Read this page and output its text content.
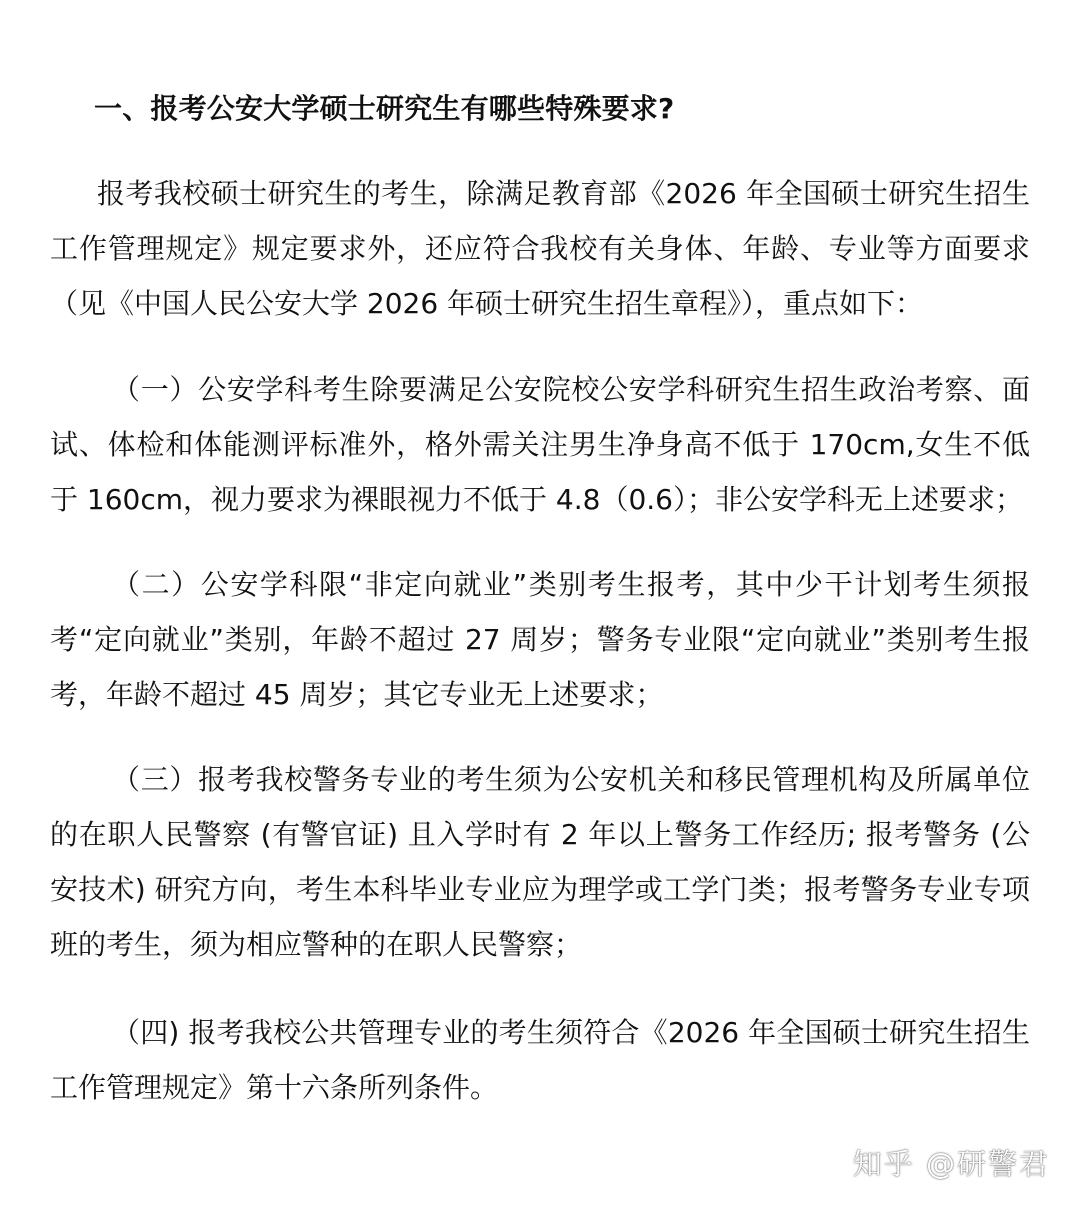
一、报考公安大学硕士研究生有哪些特殊要求?

报考我校硕士研究生的考生，除满足教育部《2026 年全国硕士研究生招生工作管理规定》规定要求外，还应符合我校有关身体、年龄、专业等方面要求（见《中国人民公安大学 2026 年硕士研究生招生章程》），重点如下：

（一）公安学科考生除要满足公安院校公安学科研究生招生政治考察、面试、体检和体能测评标准外，格外需关注男生净身高不低于 170cm,女生不低于 160cm，视力要求为裸眼视力不低于 4.8（0.6）；非公安学科无上述要求；

（二）公安学科限“非定向就业”类别考生报考，其中少干计划考生须报考“定向就业”类别，年龄不超过 27 周岁；警务专业限“定向就业”类别考生报考，年龄不超过 45 周岁；其它专业无上述要求；

（三）报考我校警务专业的考生须为公安机关和移民管理机构及所属单位的在职人民警察 (有警官证) 且入学时有 2 年以上警务工作经历; 报考警务 (公安技术) 研究方向，考生本科毕业专业应为理学或工学门类；报考警务专业专项班的考生，须为相应警种的在职人民警察；

（四) 报考我校公共管理专业的考生须符合《2026 年全国硕士研究生招生工作管理规定》第十六条所列条件。

知乎 @研警君
